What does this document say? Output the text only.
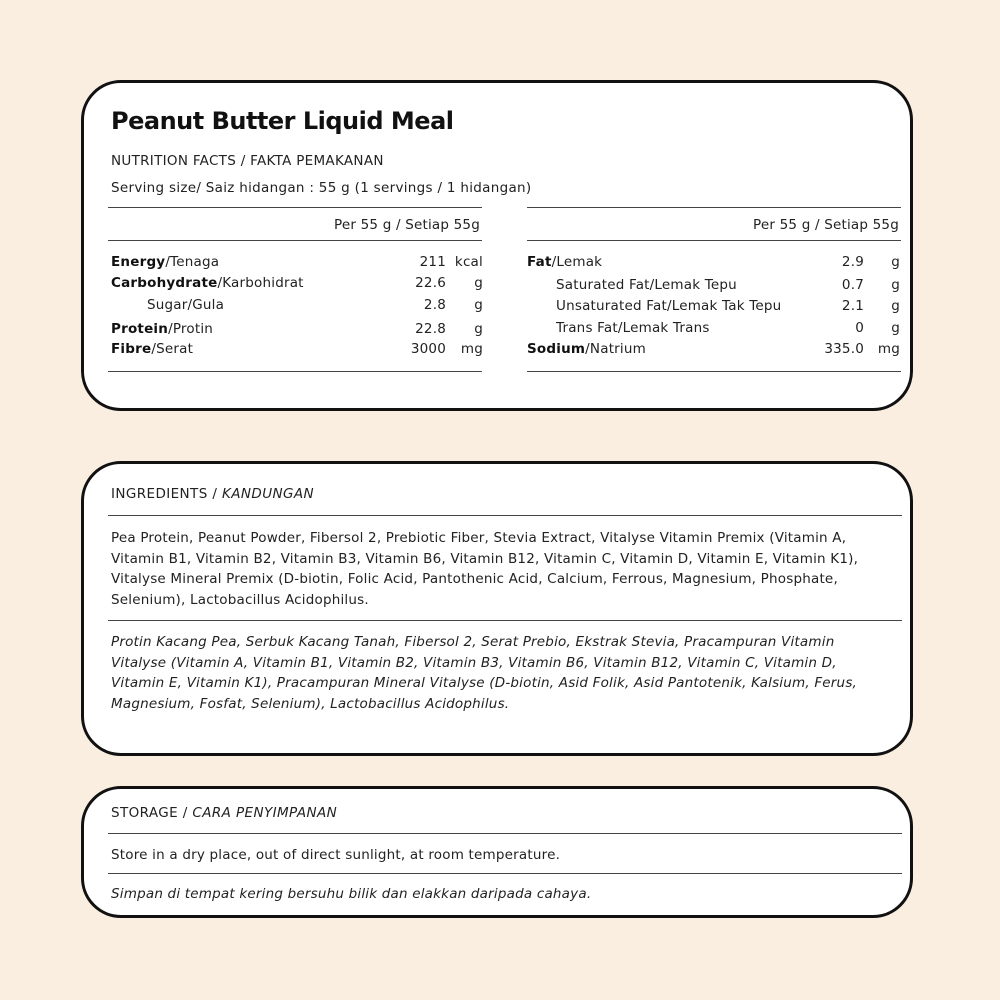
Peanut Butter Liquid Meal
NUTRITION FACTS / FAKTA PEMAKANAN
Serving size/ Saiz hidangan : 55 g (1 servings / 1 hidangan)
Per 55 g / Setiap 55g
Energy/Tenaga	211 kcal
Carbohydrate/Karbohidrat	22.6 g
Sugar/Gula	2.8 g
Protein/Protin	22.8 g
Fibre/Serat	3000 mg
Per 55 g / Setiap 55g
Fat/Lemak	2.9 g
Saturated Fat/Lemak Tepu	0.7 g
Unsaturated Fat/Lemak Tak Tepu	2.1 g
Trans Fat/Lemak Trans	0 g
Sodium/Natrium	335.0 mg
INGREDIENTS / KANDUNGAN

Pea Protein, Peanut Powder, Fibersol 2, Prebiotic Fiber, Stevia Extract, Vitalyse Vitamin Premix (Vitamin A, Vitamin B1, Vitamin B2, Vitamin B3, Vitamin B6, Vitamin B12, Vitamin C, Vitamin D, Vitamin E, Vitamin K1), Vitalyse Mineral Premix (D-biotin, Folic Acid, Pantothenic Acid, Calcium, Ferrous, Magnesium, Phosphate, Selenium), Lactobacillus Acidophilus.

Protin Kacang Pea, Serbuk Kacang Tanah, Fibersol 2, Serat Prebio, Ekstrak Stevia, Pracampuran Vitamin Vitalyse (Vitamin A, Vitamin B1, Vitamin B2, Vitamin B3, Vitamin B6, Vitamin B12, Vitamin C, Vitamin D, Vitamin E, Vitamin K1), Pracampuran Mineral Vitalyse (D-biotin, Asid Folik, Asid Pantotenik, Kalsium, Ferus, Magnesium, Fosfat, Selenium), Lactobacillus Acidophilus.

STORAGE / CARA PENYIMPANAN

Store in a dry place, out of direct sunlight, at room temperature.

Simpan di tempat kering bersuhu bilik dan elakkan daripada cahaya.
